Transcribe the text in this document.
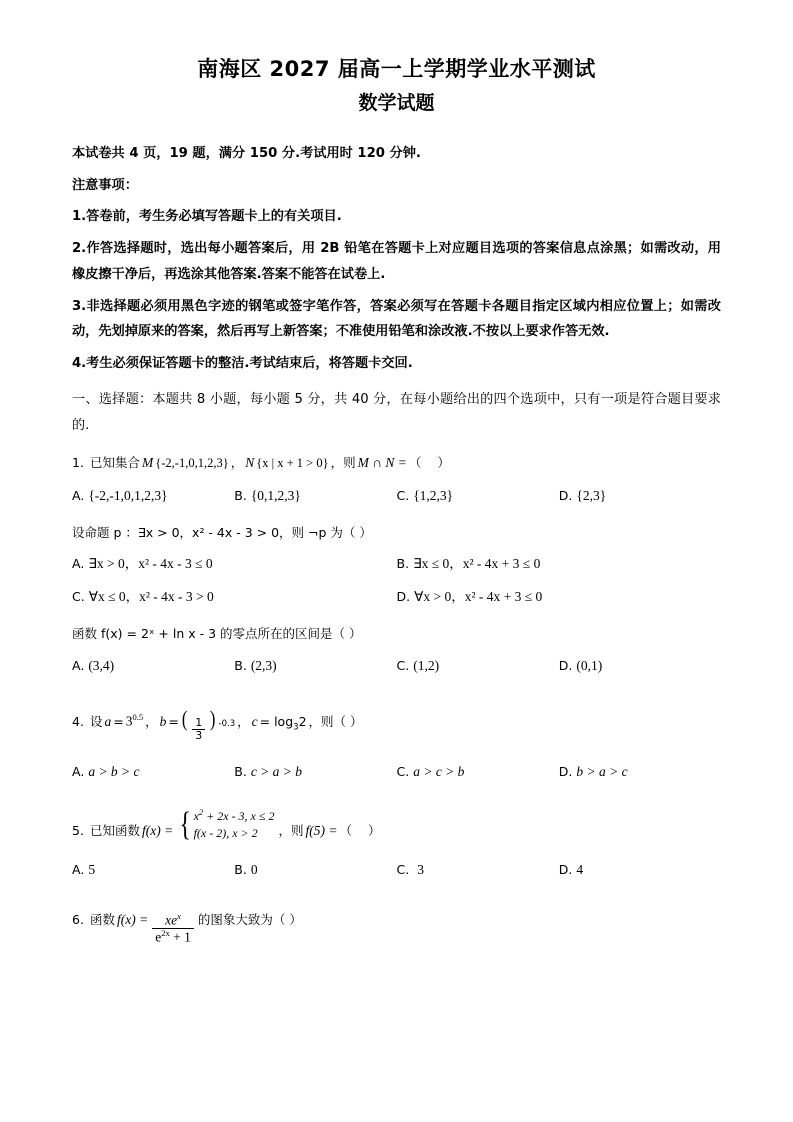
南海区 2027 届高一上学期学业水平测试
数学试题
本试卷共 4 页，19 题，满分 150 分.考试用时 120 分钟.
注意事项：
1.答卷前，考生务必填写答题卡上的有关项目.
2.作答选择题时，选出每小题答案后，用 2B 铅笔在答题卡上对应题目选项的答案信息点涂黑；如需改动，用橡皮擦干净后，再选涂其他答案.答案不能答在试卷上.
3.非选择题必须用黑色字迹的钢笔或签字笔作答，答案必须写在答题卡各题目指定区域内相应位置上；如需改动，先划掉原来的答案，然后再写上新答案；不准使用铅笔和涂改液.不按以上要求作答无效.
4.考生必须保证答题卡的整洁.考试结束后，将答题卡交回.
一、选择题：本题共 8 小题，每小题 5 分，共 40 分，在每小题给出的四个选项中，只有一项是符合题目要求的.
1. 已知集合 M {-2,-1,0,1,2,3} ， N {x | x + 1 > 0} ，则 M ∩ N = （ ）
A. {-2,-1,0,1,2,3}	B. {0,1,2,3}	C. {1,2,3}	D. {2,3}
设命题 p ：∃x > 0，x² - 4x - 3 > 0，则 ¬p 为（ ）
A. ∃x > 0，x² - 4x - 3 ≤ 0	B. ∃x ≤ 0，x² - 4x + 3 ≤ 0
C. ∀x ≤ 0，x² - 4x - 3 > 0	D. ∀x > 0，x² - 4x + 3 ≤ 0
函数 f(x) = 2ˣ + ln x - 3 的零点所在的区间是（ ）
A. (3,4)	B. (2,3)	C. (1,2)	D. (0,1)
4. 设 $a = 3^{0.5}$ ， b = ( $\frac{1}{3}$ ) -0.3 ， $c = \log_32$ ，则（ ）
A. a > b > c	B. c > a > b	C. a > c > b	D. b > a > c
5. 已知函数 f(x) = { $x^2 + 2x - 3$, x ≤ 2
f(x - 2), x > 2	，则 f(5) = （ ）
A. 5	B. 0	C. 3	D. 4
6. 函数 $f(x) = \frac{xe^x}{e^{2x} + 1}$ 的图象大致为（ ）
